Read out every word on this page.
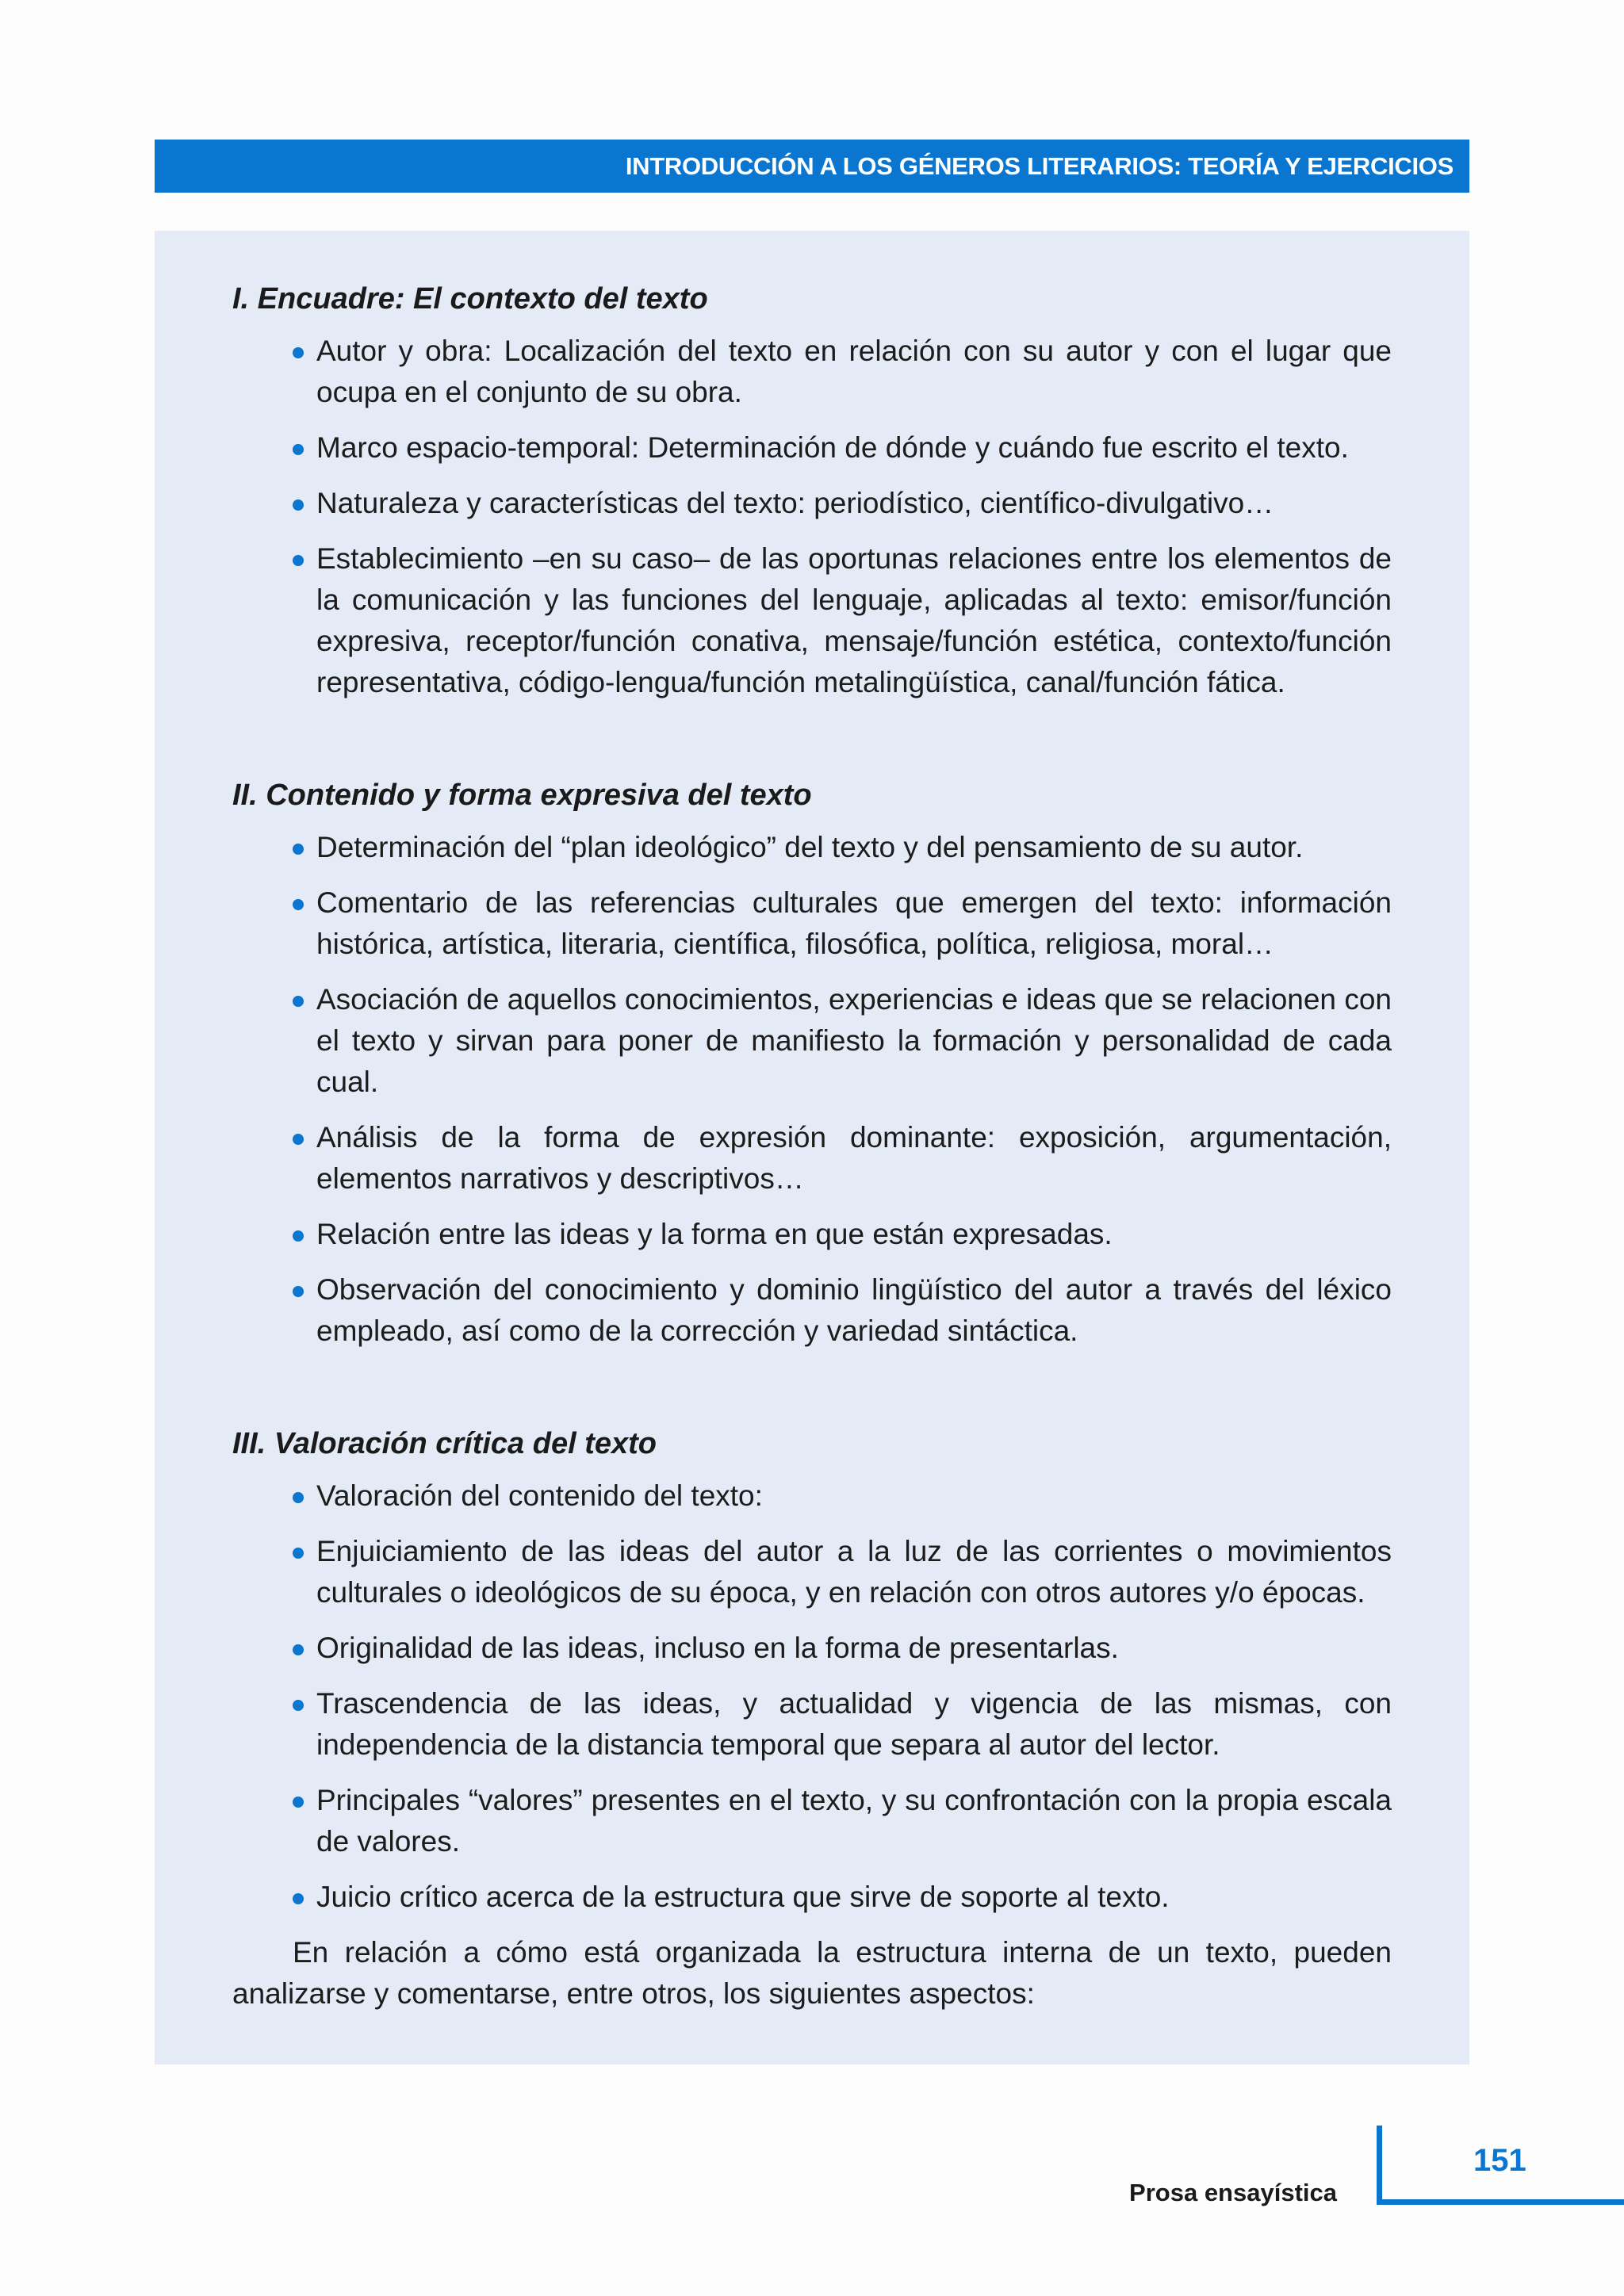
INTRODUCCIÓN A LOS GÉNEROS LITERARIOS: TEORÍA Y EJERCICIOS
I. Encuadre: El contexto del texto
Autor y obra: Localización del texto en relación con su autor y con el lugar que ocupa en el conjunto de su obra.
Marco espacio-temporal: Determinación de dónde y cuándo fue escrito el texto.
Naturaleza y características del texto: periodístico, científico-divulgativo…
Establecimiento –en su caso– de las oportunas relaciones entre los elementos de la comunicación y las funciones del lenguaje, aplicadas al texto: emisor/función expresiva, receptor/función conativa, mensaje/función estética, contexto/función representativa, código-lengua/función metalingüística, canal/función fática.
II. Contenido y forma expresiva del texto
Determinación del “plan ideológico” del texto y del pensamiento de su autor.
Comentario de las referencias culturales que emergen del texto: información histórica, artística, literaria, científica, filosófica, política, religiosa, moral…
Asociación de aquellos conocimientos, experiencias e ideas que se relacionen con el texto y sirvan para poner de manifiesto la formación y personalidad de cada cual.
Análisis de la forma de expresión dominante: exposición, argumentación, elementos narrativos y descriptivos…
Relación entre las ideas y la forma en que están expresadas.
Observación del conocimiento y dominio lingüístico del autor a través del léxico empleado, así como de la corrección y variedad sintáctica.
III. Valoración crítica del texto
Valoración del contenido del texto:
Enjuiciamiento de las ideas del autor a la luz de las corrientes o movimientos culturales o ideológicos de su época, y en relación con otros autores y/o épocas.
Originalidad de las ideas, incluso en la forma de presentarlas.
Trascendencia de las ideas, y actualidad y vigencia de las mismas, con independencia de la distancia temporal que separa al autor del lector.
Principales “valores” presentes en el texto, y su confrontación con la propia escala de valores.
Juicio crítico acerca de la estructura que sirve de soporte al texto.

En relación a cómo está organizada la estructura interna de un texto, pueden analizarse y comentarse, entre otros, los siguientes aspectos:

151
Prosa ensayística
